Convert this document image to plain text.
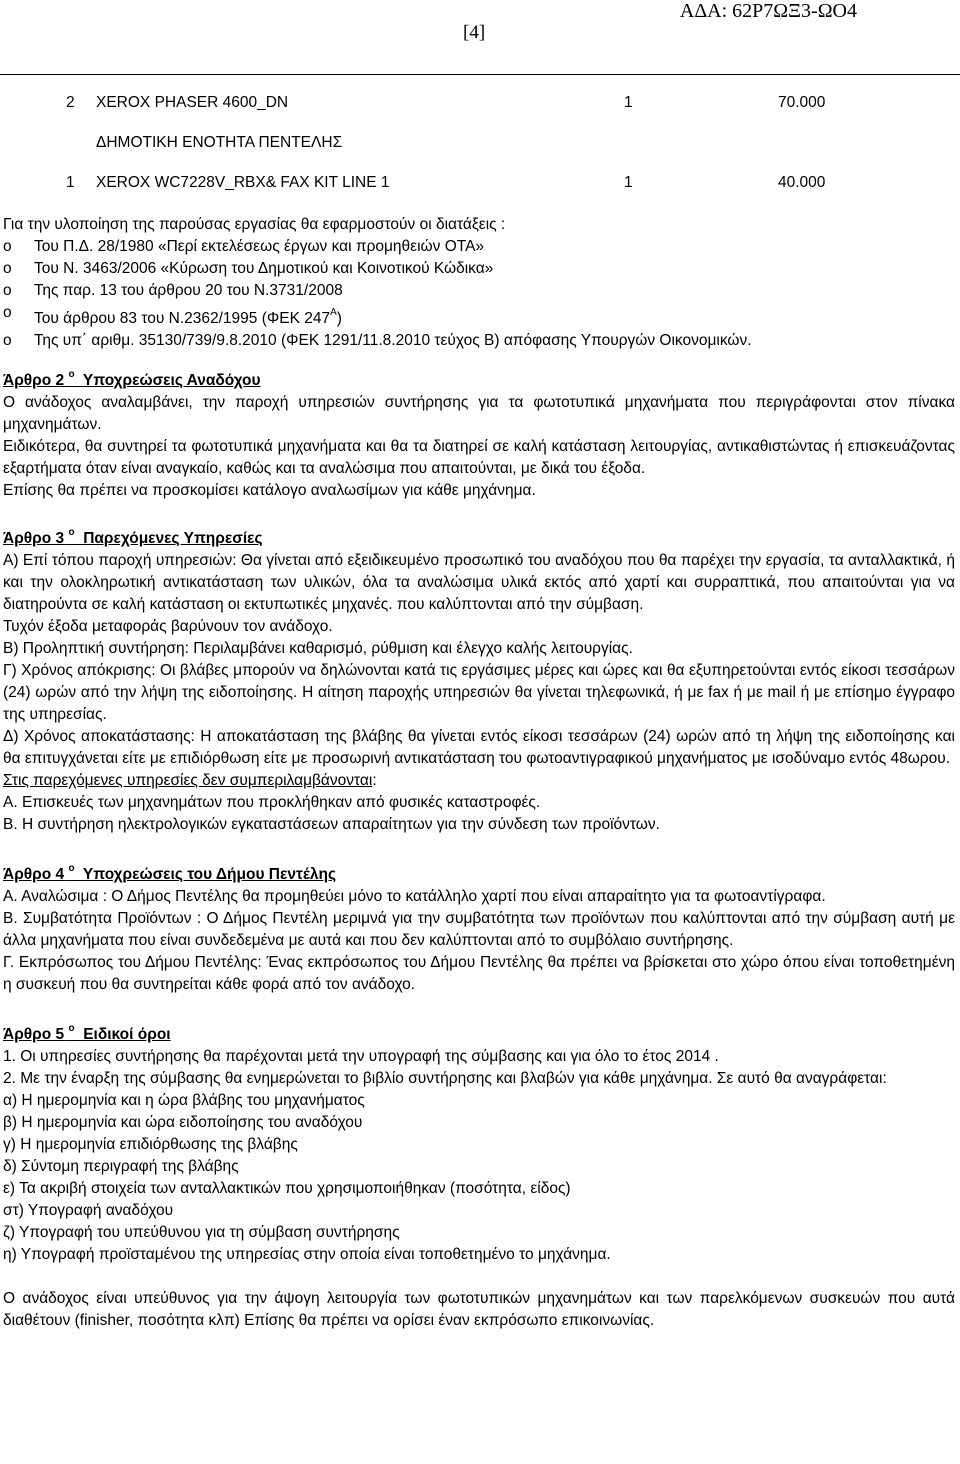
[4]
ΑΔΑ: 62Ρ7ΩΞ3-ΩΟ4
2 XEROX PHASER 4600_DN	1	70.000
ΔΗΜΟΤΙΚΗ ΕΝΟΤΗΤΑ ΠΕΝΤΕΛΗΣ
1 XEROX WC7228V_RBX& FAX KIT LINE 1	1	40.000

Για την υλοποίηση της παρούσας εργασίας θα εφαρμοστούν οι διατάξεις :

o Του Π.Δ. 28/1980 «Περί εκτελέσεως έργων και προμηθειών ΟΤΑ»
o Του Ν. 3463/2006 «Κύρωση του Δημοτικού και Κοινοτικού Κώδικα»
o Της παρ. 13 του άρθρου 20 του Ν.3731/2008
o Του άρθρου 83 του Ν.2362/1995 (ΦΕΚ $247^A$)
o Της υπ΄ αριθμ. 35130/739/9.8.2010 (ΦΕΚ 1291/11.8.2010 τεύχος Β) απόφασης Υπουργών Οικονομικών.
Άρθρο 2 $^o$ Υποχρεώσεις Αναδόχου

Ο ανάδοχος αναλαμβάνει, την παροχή υπηρεσιών συντήρησης για τα φωτοτυπικά μηχανήματα που περιγράφονται στον πίνακα μηχανημάτων.

Ειδικότερα, θα συντηρεί τα φωτοτυπικά μηχανήματα και θα τα διατηρεί σε καλή κατάσταση λειτουργίας, αντικαθιστώντας ή επισκευάζοντας εξαρτήματα όταν είναι αναγκαίο, καθώς και τα αναλώσιμα που απαιτούνται, με δικά του έξοδα.

Επίσης θα πρέπει να προσκομίσει κατάλογο αναλωσίμων για κάθε μηχάνημα.

Άρθρο 3 $^o$ Παρεχόμενες Υπηρεσίες

Α) Επί τόπου παροχή υπηρεσιών: Θα γίνεται από εξειδικευμένο προσωπικό του αναδόχου που θα παρέχει την εργασία, τα ανταλλακτικά, ή και την ολοκληρωτική αντικατάσταση των υλικών, όλα τα αναλώσιμα υλικά εκτός από χαρτί και συρραπτικά, που απαιτούνται για να διατηρούντα σε καλή κατάσταση οι εκτυπωτικές μηχανές. που καλύπτονται από την σύμβαση.

Τυχόν έξοδα μεταφοράς βαρύνουν τον ανάδοχο.

Β) Προληπτική συντήρηση: Περιλαμβάνει καθαρισμό, ρύθμιση και έλεγχο καλής λειτουργίας.

Γ) Χρόνος απόκρισης: Οι βλάβες μπορούν να δηλώνονται κατά τις εργάσιμες μέρες και ώρες και θα εξυπηρετούνται εντός είκοσι τεσσάρων (24) ωρών από την λήψη της ειδοποίησης. Η αίτηση παροχής υπηρεσιών θα γίνεται τηλεφωνικά, ή με fax ή με mail ή με επίσημο έγγραφο της υπηρεσίας.

Δ) Χρόνος αποκατάστασης: Η αποκατάσταση της βλάβης θα γίνεται εντός είκοσι τεσσάρων (24) ωρών από τη λήψη της ειδοποίησης και θα επιτυγχάνεται είτε με επιδιόρθωση είτε με προσωρινή αντικατάσταση του φωτοαντιγραφικού μηχανήματος με ισοδύναμο εντός 48ωρου.

Στις παρεχόμενες υπηρεσίες δεν συμπεριλαμβάνονται:

Α. Επισκευές των μηχανημάτων που προκλήθηκαν από φυσικές καταστροφές.

Β. Η συντήρηση ηλεκτρολογικών εγκαταστάσεων απαραίτητων για την σύνδεση των προϊόντων.

Άρθρο 4 $^o$ Υποχρεώσεις του Δήμου Πεντέλης

Α. Αναλώσιμα : Ο Δήμος Πεντέλης θα προμηθεύει μόνο το κατάλληλο χαρτί που είναι απαραίτητο για τα φωτοαντίγραφα.

Β. Συμβατότητα Προϊόντων : Ο Δήμος Πεντέλη μεριμνά για την συμβατότητα των προϊόντων που καλύπτονται από την σύμβαση αυτή με άλλα μηχανήματα που είναι συνδεδεμένα με αυτά και που δεν καλύπτονται από το συμβόλαιο συντήρησης.

Γ. Εκπρόσωπος του Δήμου Πεντέλης: Ένας εκπρόσωπος του Δήμου Πεντέλης θα πρέπει να βρίσκεται στο χώρο όπου είναι τοποθετημένη η συσκευή που θα συντηρείται κάθε φορά από τον ανάδοχο.

Άρθρο 5 $^o$ Ειδικοί όροι

1. Οι υπηρεσίες συντήρησης θα παρέχονται μετά την υπογραφή της σύμβασης και για όλο το έτος 2014 .

2. Με την έναρξη της σύμβασης θα ενημερώνεται το βιβλίο συντήρησης και βλαβών για κάθε μηχάνημα. Σε αυτό θα αναγράφεται:

α) Η ημερομηνία και η ώρα βλάβης του μηχανήματος

β) Η ημερομηνία και ώρα ειδοποίησης του αναδόχου

γ) Η ημερομηνία επιδιόρθωσης της βλάβης

δ) Σύντομη περιγραφή της βλάβης

ε) Τα ακριβή στοιχεία των ανταλλακτικών που χρησιμοποιήθηκαν (ποσότητα, είδος)

στ) Υπογραφή αναδόχου

ζ) Υπογραφή του υπεύθυνου για τη σύμβαση συντήρησης

η) Υπογραφή προϊσταμένου της υπηρεσίας στην οποία είναι τοποθετημένο το μηχάνημα.

Ο ανάδοχος είναι υπεύθυνος για την άψογη λειτουργία των φωτοτυπικών μηχανημάτων και των παρελκόμενων συσκευών που αυτά διαθέτουν (finisher, ποσότητα κλπ) Επίσης θα πρέπει να ορίσει έναν εκπρόσωπο επικοινωνίας.
